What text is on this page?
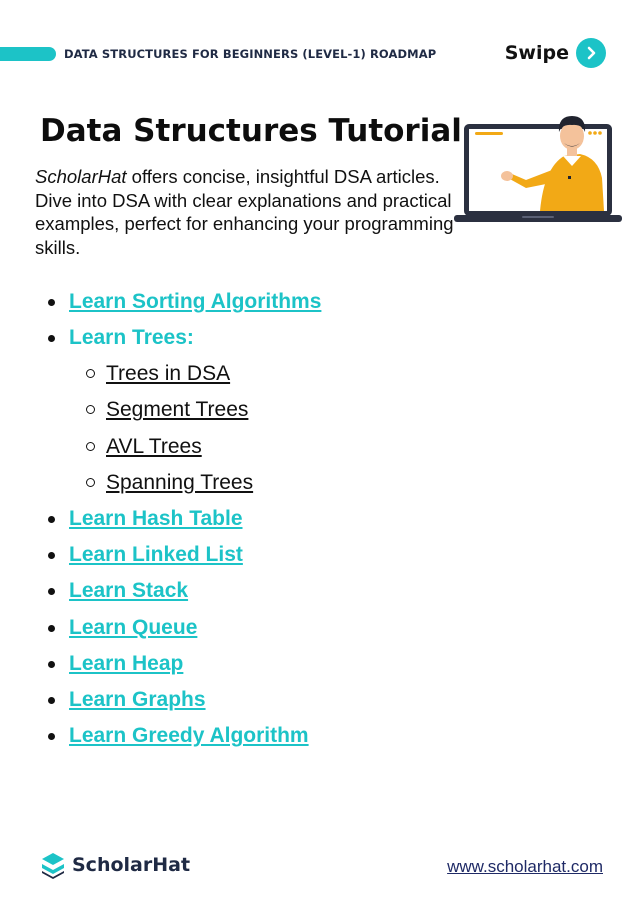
DATA STRUCTURES FOR BEGINNERS (LEVEL-1) ROADMAP	Swipe
Data Structures Tutorial

ScholarHat offers concise, insightful DSA articles. Dive into DSA with clear explanations and practical examples, perfect for enhancing your programming skills.

Learn Sorting Algorithms
Learn Trees:
Trees in DSA
Segment Trees
AVL Trees
Spanning Trees
Learn Hash Table
Learn Linked List
Learn Stack
Learn Queue
Learn Heap
Learn Graphs
Learn Greedy Algorithm
ScholarHat	www.scholarhat.com
